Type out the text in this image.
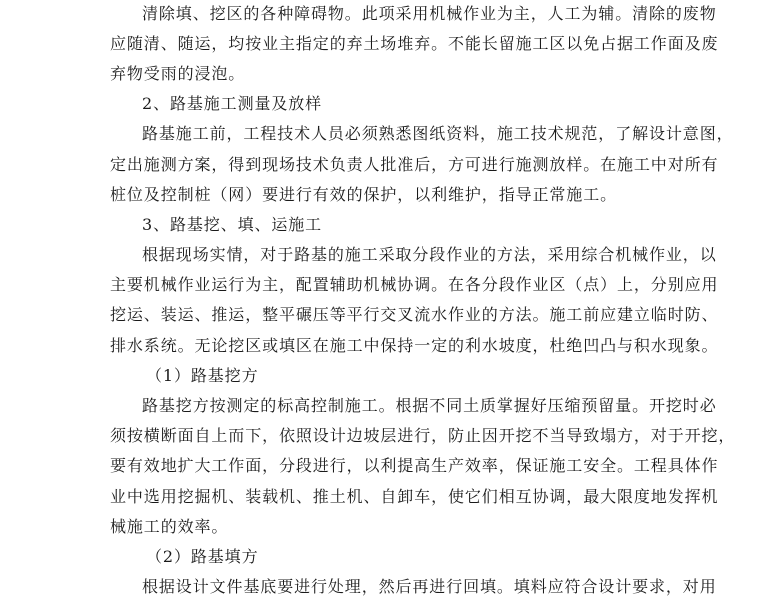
清除填、挖区的各种障碍物。此项采用机械作业为主，人工为辅。清除的废物
应随清、随运，均按业主指定的弃土场堆弃。不能长留施工区以免占据工作面及废
弃物受雨的浸泡。
2、路基施工测量及放样
路基施工前，工程技术人员必须熟悉图纸资料，施工技术规范，了解设计意图，
定出施测方案，得到现场技术负责人批准后，方可进行施测放样。在施工中对所有
桩位及控制桩（网）要进行有效的保护，以利维护，指导正常施工。
3、路基挖、填、运施工
根据现场实情，对于路基的施工采取分段作业的方法，采用综合机械作业，以
主要机械作业运行为主，配置辅助机械协调。在各分段作业区（点）上，分别应用
挖运、装运、推运，整平碾压等平行交叉流水作业的方法。施工前应建立临时防、
排水系统。无论挖区或填区在施工中保持一定的利水坡度，杜绝凹凸与积水现象。
（1）路基挖方
路基挖方按测定的标高控制施工。根据不同土质掌握好压缩预留量。开挖时必
须按横断面自上而下，依照设计边坡层进行，防止因开挖不当导致塌方，对于开挖，
要有效地扩大工作面，分段进行，以利提高生产效率，保证施工安全。工程具体作
业中选用挖掘机、装载机、推土机、自卸车，使它们相互协调，最大限度地发挥机
械施工的效率。
（2）路基填方
根据设计文件基底要进行处理，然后再进行回填。填料应符合设计要求，对用
